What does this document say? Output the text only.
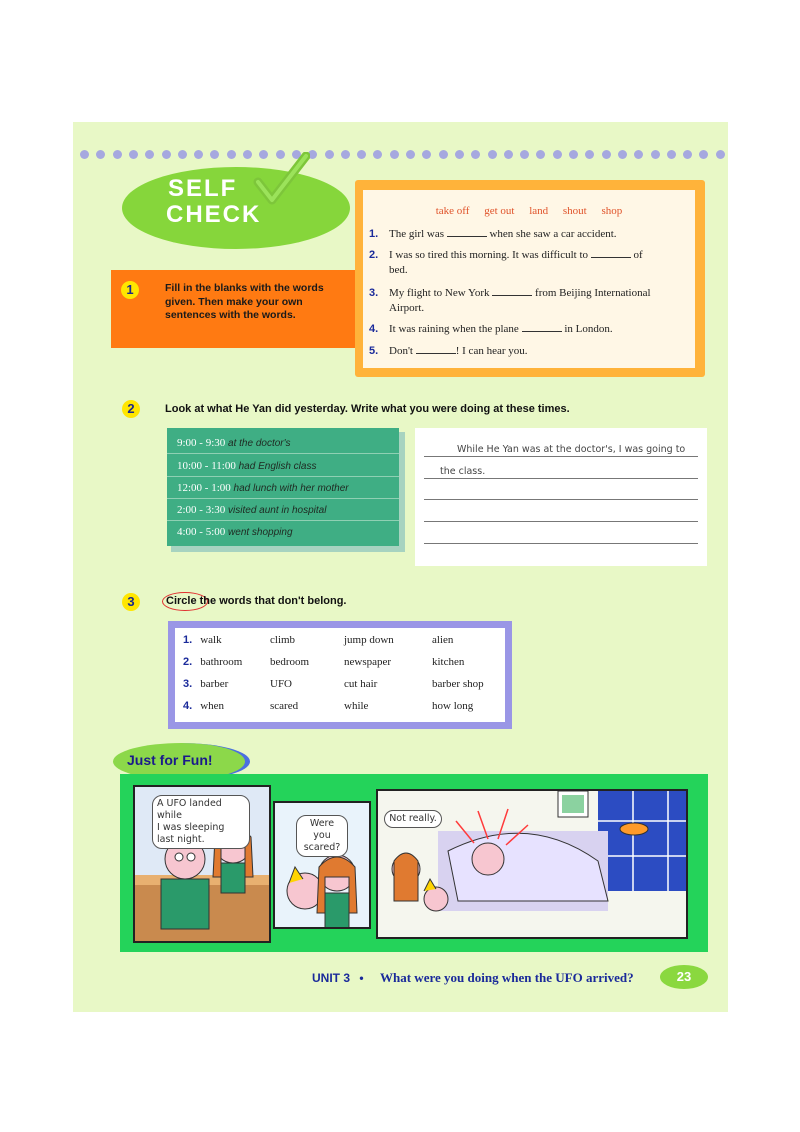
SELF
CHECK
1	Fill in the blanks with the words given. Then make your own sentences with the words.
take off get out land shout shop
1. The girl was	when she saw a car accident.
2. I was so tired this morning. It was difficult to	of
bed.
3. My flight to New York	from Beijing International
Airport.
4. It was raining when the plane	in London.
5. Don't	! I can hear you.
2	Look at what He Yan did yesterday. Write what you were doing at these times.
9:00 - 9:30 at the doctor's
10:00 - 11:00 had English class
12:00 - 1:00 had lunch with her mother
2:00 - 3:30 visited aunt in hospital
4:00 - 5:00 went shopping
While He Yan was at the doctor's, I was going to
the class.
3	Circle the words that don't belong.
1. walk	climb	jump down	alien
2. bathroom	bedroom	newspaper	kitchen
3. barber	UFO	cut hair	barber shop
4. when	scared	while	how long
Just for Fun!
A UFO landed while
I was sleeping
last night.
Were you
scared?
Not really.
UNIT 3 • What were you doing when the UFO arrived?	23
